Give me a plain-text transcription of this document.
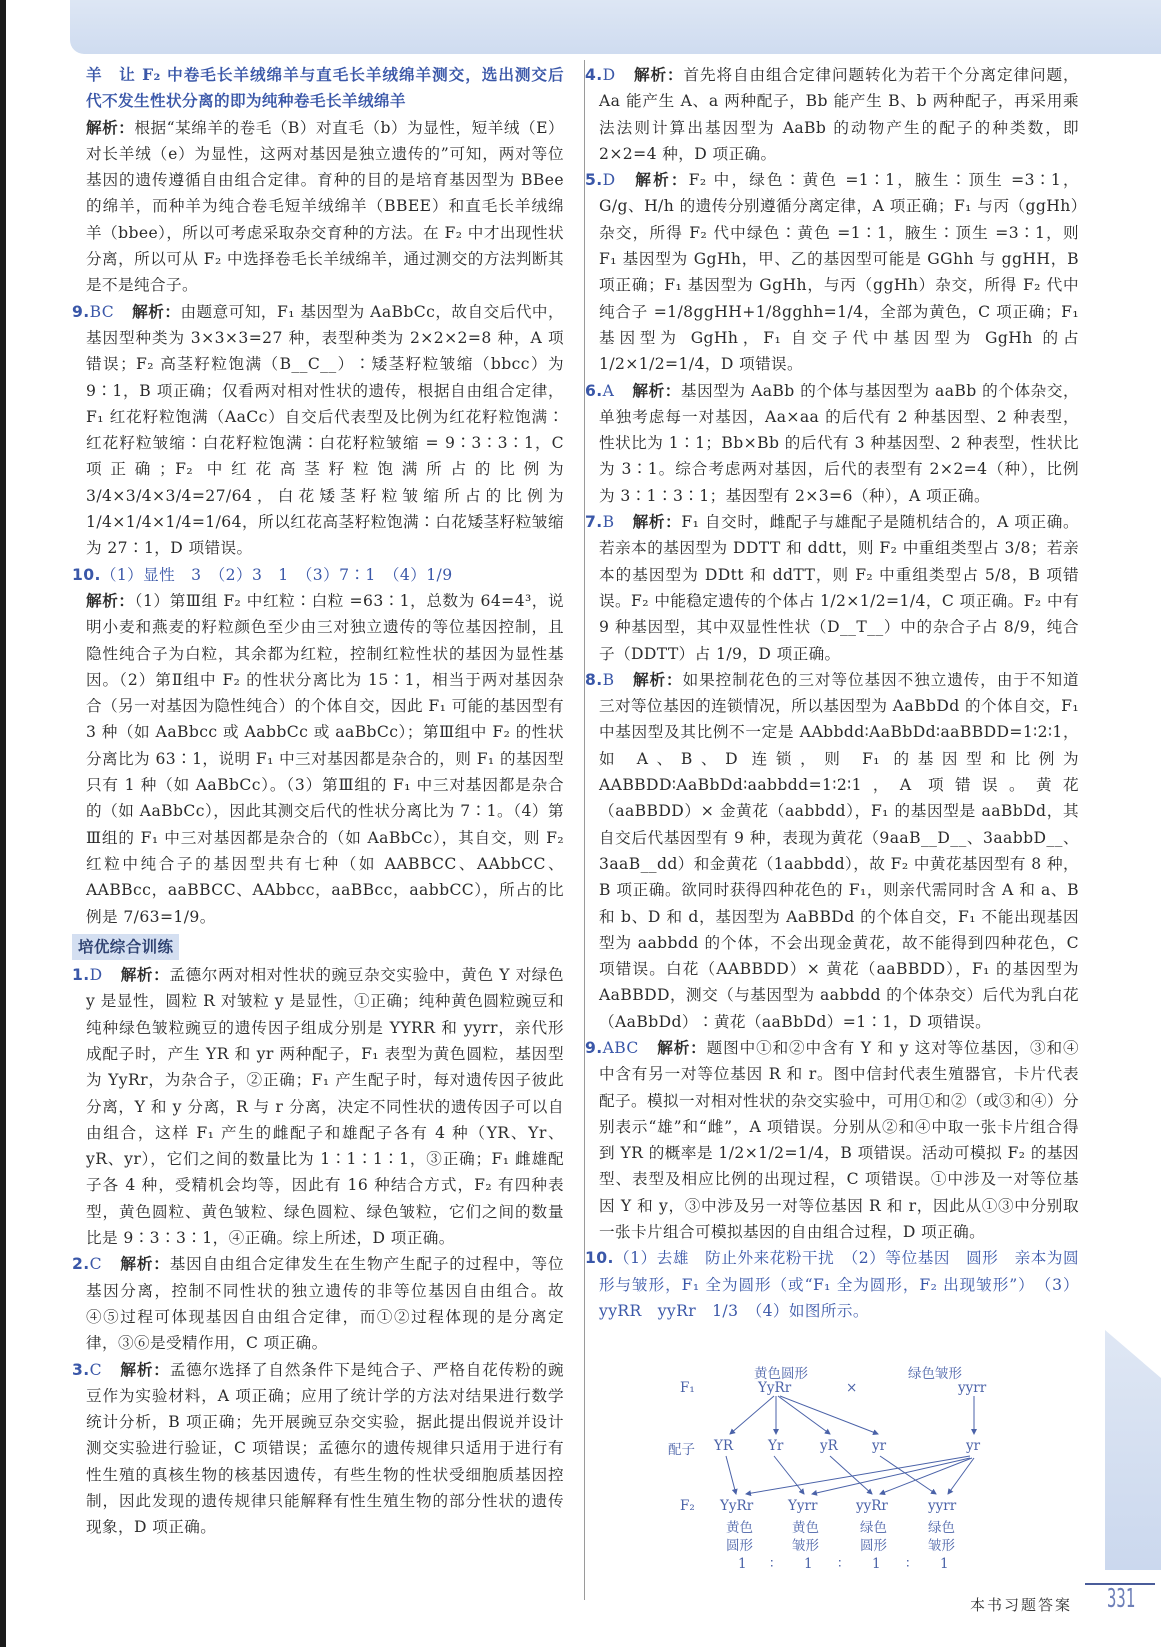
羊　让 F₂ 中卷毛长羊绒绵羊与直毛长羊绒绵羊测交，选出测交后代不发生性状分离的即为纯种卷毛长羊绒绵羊

解析：根据“某绵羊的卷毛（B）对直毛（b）为显性，短羊绒（E）对长羊绒（e）为显性，这两对基因是独立遗传的”可知，两对等位基因的遗传遵循自由组合定律。育种的目的是培育基因型为 BBee 的绵羊，而种羊为纯合卷毛短羊绒绵羊（BBEE）和直毛长羊绒绵羊（bbee），所以可考虑采取杂交育种的方法。在 F₂ 中才出现性状分离，所以可从 F₂ 中选择卷毛长羊绒绵羊，通过测交的方法判断其是不是纯合子。

9.BC 解析：由题意可知，F₁ 基因型为 AaBbCc，故自交后代中，基因型种类为 3×3×3=27 种，表型种类为 2×2×2=8 种，A 项错误；F₂ 高茎籽粒饱满（B__C__）∶矮茎籽粒皱缩（bbcc）为 9∶1，B 项正确；仅看两对相对性状的遗传，根据自由组合定律，F₁ 红花籽粒饱满（AaCc）自交后代表型及比例为红花籽粒饱满∶红花籽粒皱缩∶白花籽粒饱满∶白花籽粒皱缩 = 9∶3∶3∶1，C 项正确；F₂ 中红花高茎籽粒饱满所占的比例为 3/4×3/4×3/4=27/64，白花矮茎籽粒皱缩所占的比例为 1/4×1/4×1/4=1/64，所以红花高茎籽粒饱满∶白花矮茎籽粒皱缩为 27∶1，D 项错误。

10.（1）显性　3　（2）3　1　（3）7∶1　（4）1/9

解析：（1）第Ⅲ组 F₂ 中红粒∶白粒 =63∶1，总数为 64=4³，说明小麦和燕麦的籽粒颜色至少由三对独立遗传的等位基因控制，且隐性纯合子为白粒，其余都为红粒，控制红粒性状的基因为显性基因。（2）第Ⅱ组中 F₂ 的性状分离比为 15∶1，相当于两对基因杂合（另一对基因为隐性纯合）的个体自交，因此 F₁ 可能的基因型有 3 种（如 AaBbcc 或 AabbCc 或 aaBbCc）；第Ⅲ组中 F₂ 的性状分离比为 63∶1，说明 F₁ 中三对基因都是杂合的，则 F₁ 的基因型只有 1 种（如 AaBbCc）。（3）第Ⅲ组的 F₁ 中三对基因都是杂合的（如 AaBbCc），因此其测交后代的性状分离比为 7∶1。（4）第Ⅲ组的 F₁ 中三对基因都是杂合的（如 AaBbCc），其自交，则 F₂ 红粒中纯合子的基因型共有七种（如 AABBCC、AAbbCC、AABBcc，aaBBCC、AAbbcc，aaBBcc，aabbCC），所占的比例是 7/63=1/9。

培优综合训练

1.D 解析：孟德尔两对相对性状的豌豆杂交实验中，黄色 Y 对绿色 y 是显性，圆粒 R 对皱粒 y 是显性，①正确；纯种黄色圆粒豌豆和纯种绿色皱粒豌豆的遗传因子组成分别是 YYRR 和 yyrr，亲代形成配子时，产生 YR 和 yr 两种配子，F₁ 表型为黄色圆粒，基因型为 YyRr，为杂合子，②正确；F₁ 产生配子时，每对遗传因子彼此分离，Y 和 y 分离，R 与 r 分离，决定不同性状的遗传因子可以自由组合，这样 F₁ 产生的雌配子和雄配子各有 4 种（YR、Yr、yR、yr），它们之间的数量比为 1∶1∶1∶1，③正确；F₁ 雌雄配子各 4 种，受精机会均等，因此有 16 种结合方式，F₂ 有四种表型，黄色圆粒、黄色皱粒、绿色圆粒、绿色皱粒，它们之间的数量比是 9∶3∶3∶1，④正确。综上所述，D 项正确。

2.C 解析：基因自由组合定律发生在生物产生配子的过程中，等位基因分离，控制不同性状的独立遗传的非等位基因自由组合。故④⑤过程可体现基因自由组合定律，而①②过程体现的是分离定律，③⑥是受精作用，C 项正确。

3.C 解析：孟德尔选择了自然条件下是纯合子、严格自花传粉的豌豆作为实验材料，A 项正确；应用了统计学的方法对结果进行数学统计分析，B 项正确；先开展豌豆杂交实验，据此提出假说并设计测交实验进行验证，C 项错误；孟德尔的遗传规律只适用于进行有性生殖的真核生物的核基因遗传，有些生物的性状受细胞质基因控制，因此发现的遗传规律只能解释有性生殖生物的部分性状的遗传现象，D 项正确。

4.D 解析：首先将自由组合定律问题转化为若干个分离定律问题，Aa 能产生 A、a 两种配子，Bb 能产生 B、b 两种配子，再采用乘法法则计算出基因型为 AaBb 的动物产生的配子的种类数，即 2×2=4 种，D 项正确。

5.D 解析：F₂ 中，绿色∶黄色 =1∶1，腋生∶顶生 =3∶1，G/g、H/h 的遗传分别遵循分离定律，A 项正确；F₁ 与丙（ggHh）杂交，所得 F₂ 代中绿色∶黄色 =1∶1，腋生∶顶生 =3∶1，则 F₁ 基因型为 GgHh，甲、乙的基因型可能是 GGhh 与 ggHH，B 项正确；F₁ 基因型为 GgHh，与丙（ggHh）杂交，所得 F₂ 代中纯合子 =1/8ggHH+1/8gghh=1/4，全部为黄色，C 项正确；F₁ 基因型为 GgHh，F₁ 自交子代中基因型为 GgHh 的占 1/2×1/2=1/4，D 项错误。

6.A 解析：基因型为 AaBb 的个体与基因型为 aaBb 的个体杂交，单独考虑每一对基因，Aa×aa 的后代有 2 种基因型、2 种表型，性状比为 1∶1；Bb×Bb 的后代有 3 种基因型、2 种表型，性状比为 3∶1。综合考虑两对基因，后代的表型有 2×2=4（种），比例为 3∶1∶3∶1；基因型有 2×3=6（种），A 项正确。

7.B 解析：F₁ 自交时，雌配子与雄配子是随机结合的，A 项正确。若亲本的基因型为 DDTT 和 ddtt，则 F₂ 中重组类型占 3/8；若亲本的基因型为 DDtt 和 ddTT，则 F₂ 中重组类型占 5/8，B 项错误。F₂ 中能稳定遗传的个体占 1/2×1/2=1/4，C 项正确。F₂ 中有 9 种基因型，其中双显性性状（D__T__）中的杂合子占 8/9，纯合子（DDTT）占 1/9，D 项正确。

8.B 解析：如果控制花色的三对等位基因不独立遗传，由于不知道三对等位基因的连锁情况，所以基因型为 AaBbDd 的个体自交，F₁ 中基因型及其比例不一定是 AAbbdd∶AaBbDd∶aaBBDD=1∶2∶1，如 A、B、D 连锁，则 F₁ 的基因型和比例为 AABBDD∶AaBbDd∶aabbdd=1∶2∶1，A 项错误。黄花（aaBBDD）× 金黄花（aabbdd），F₁ 的基因型是 aaBbDd，其自交后代基因型有 9 种，表现为黄花（9aaB__D__、3aabbD__、3aaB__dd）和金黄花（1aabbdd），故 F₂ 中黄花基因型有 8 种，B 项正确。欲同时获得四种花色的 F₁，则亲代需同时含 A 和 a、B 和 b、D 和 d，基因型为 AaBBDd 的个体自交，F₁ 不能出现基因型为 aabbdd 的个体，不会出现金黄花，故不能得到四种花色，C 项错误。白花（AABBDD）× 黄花（aaBBDD），F₁ 的基因型为 AaBBDD，测交（与基因型为 aabbdd 的个体杂交）后代为乳白花（AaBbDd）∶黄花（aaBbDd）=1∶1，D 项错误。

9.ABC 解析：题图中①和②中含有 Y 和 y 这对等位基因，③和④中含有另一对等位基因 R 和 r。图中信封代表生殖器官，卡片代表配子。模拟一对相对性状的杂交实验中，可用①和②（或③和④）分别表示“雄”和“雌”，A 项错误。分别从②和④中取一张卡片组合得到 YR 的概率是 1/2×1/2=1/4，B 项错误。活动可模拟 F₂ 的基因型、表型及相应比例的出现过程，C 项错误。①中涉及一对等位基因 Y 和 y，③中涉及另一对等位基因 R 和 r，因此从①③中分别取一张卡片组合可模拟基因的自由组合过程，D 项正确。

10.（1）去雄　防止外来花粉干扰　（2）等位基因　圆形　亲本为圆形与皱形，F₁ 全为圆形（或“F₁ 全为圆形，F₂ 出现皱形”）　（3）yyRR　yyRr　1/3　（4）如图所示。

黄色圆形	绿色皱形
F₁	YyRr	×	yyrr
配子 YR	Yr	yR	yr	yr
F₂ YyRr
黄色
圆形
1
Yyrr
黄色
皱形
1
yyRr
绿色
圆形
1
yyrr
绿色
皱形
1
∶	∶	∶
本书习题答案 331
